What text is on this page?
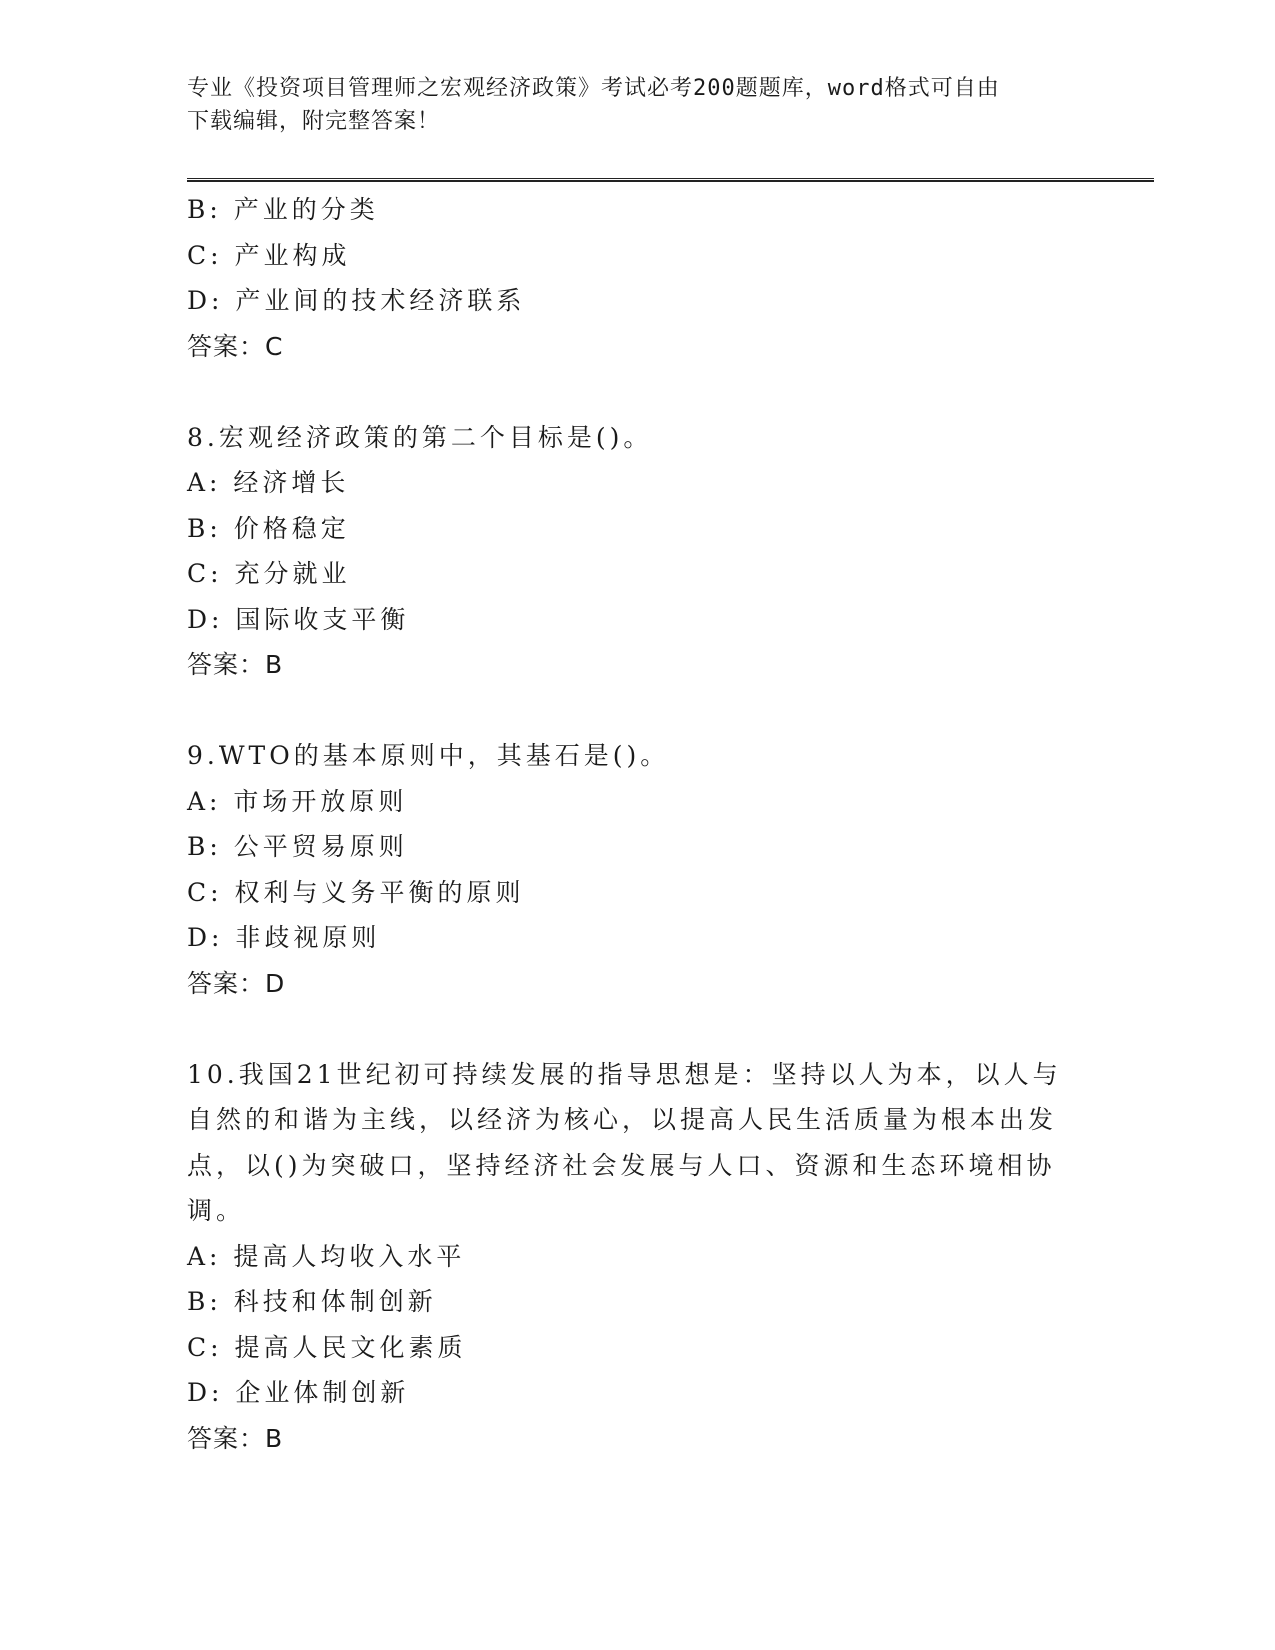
专业《投资项目管理师之宏观经济政策》考试必考200题题库，word格式可自由
下载编辑，附完整答案！
B: 产业的分类
C: 产业构成
D: 产业间的技术经济联系
答案：C
8.宏观经济政策的第二个目标是()。
A: 经济增长
B: 价格稳定
C: 充分就业
D: 国际收支平衡
答案：B
9.WTO的基本原则中，其基石是()。
A: 市场开放原则
B: 公平贸易原则
C: 权利与义务平衡的原则
D: 非歧视原则
答案：D
10.我国21世纪初可持续发展的指导思想是：坚持以人为本，以人与
自然的和谐为主线，以经济为核心，以提高人民生活质量为根本出发
点，以()为突破口，坚持经济社会发展与人口、资源和生态环境相协
调。
A: 提高人均收入水平
B: 科技和体制创新
C: 提高人民文化素质
D: 企业体制创新
答案：B
